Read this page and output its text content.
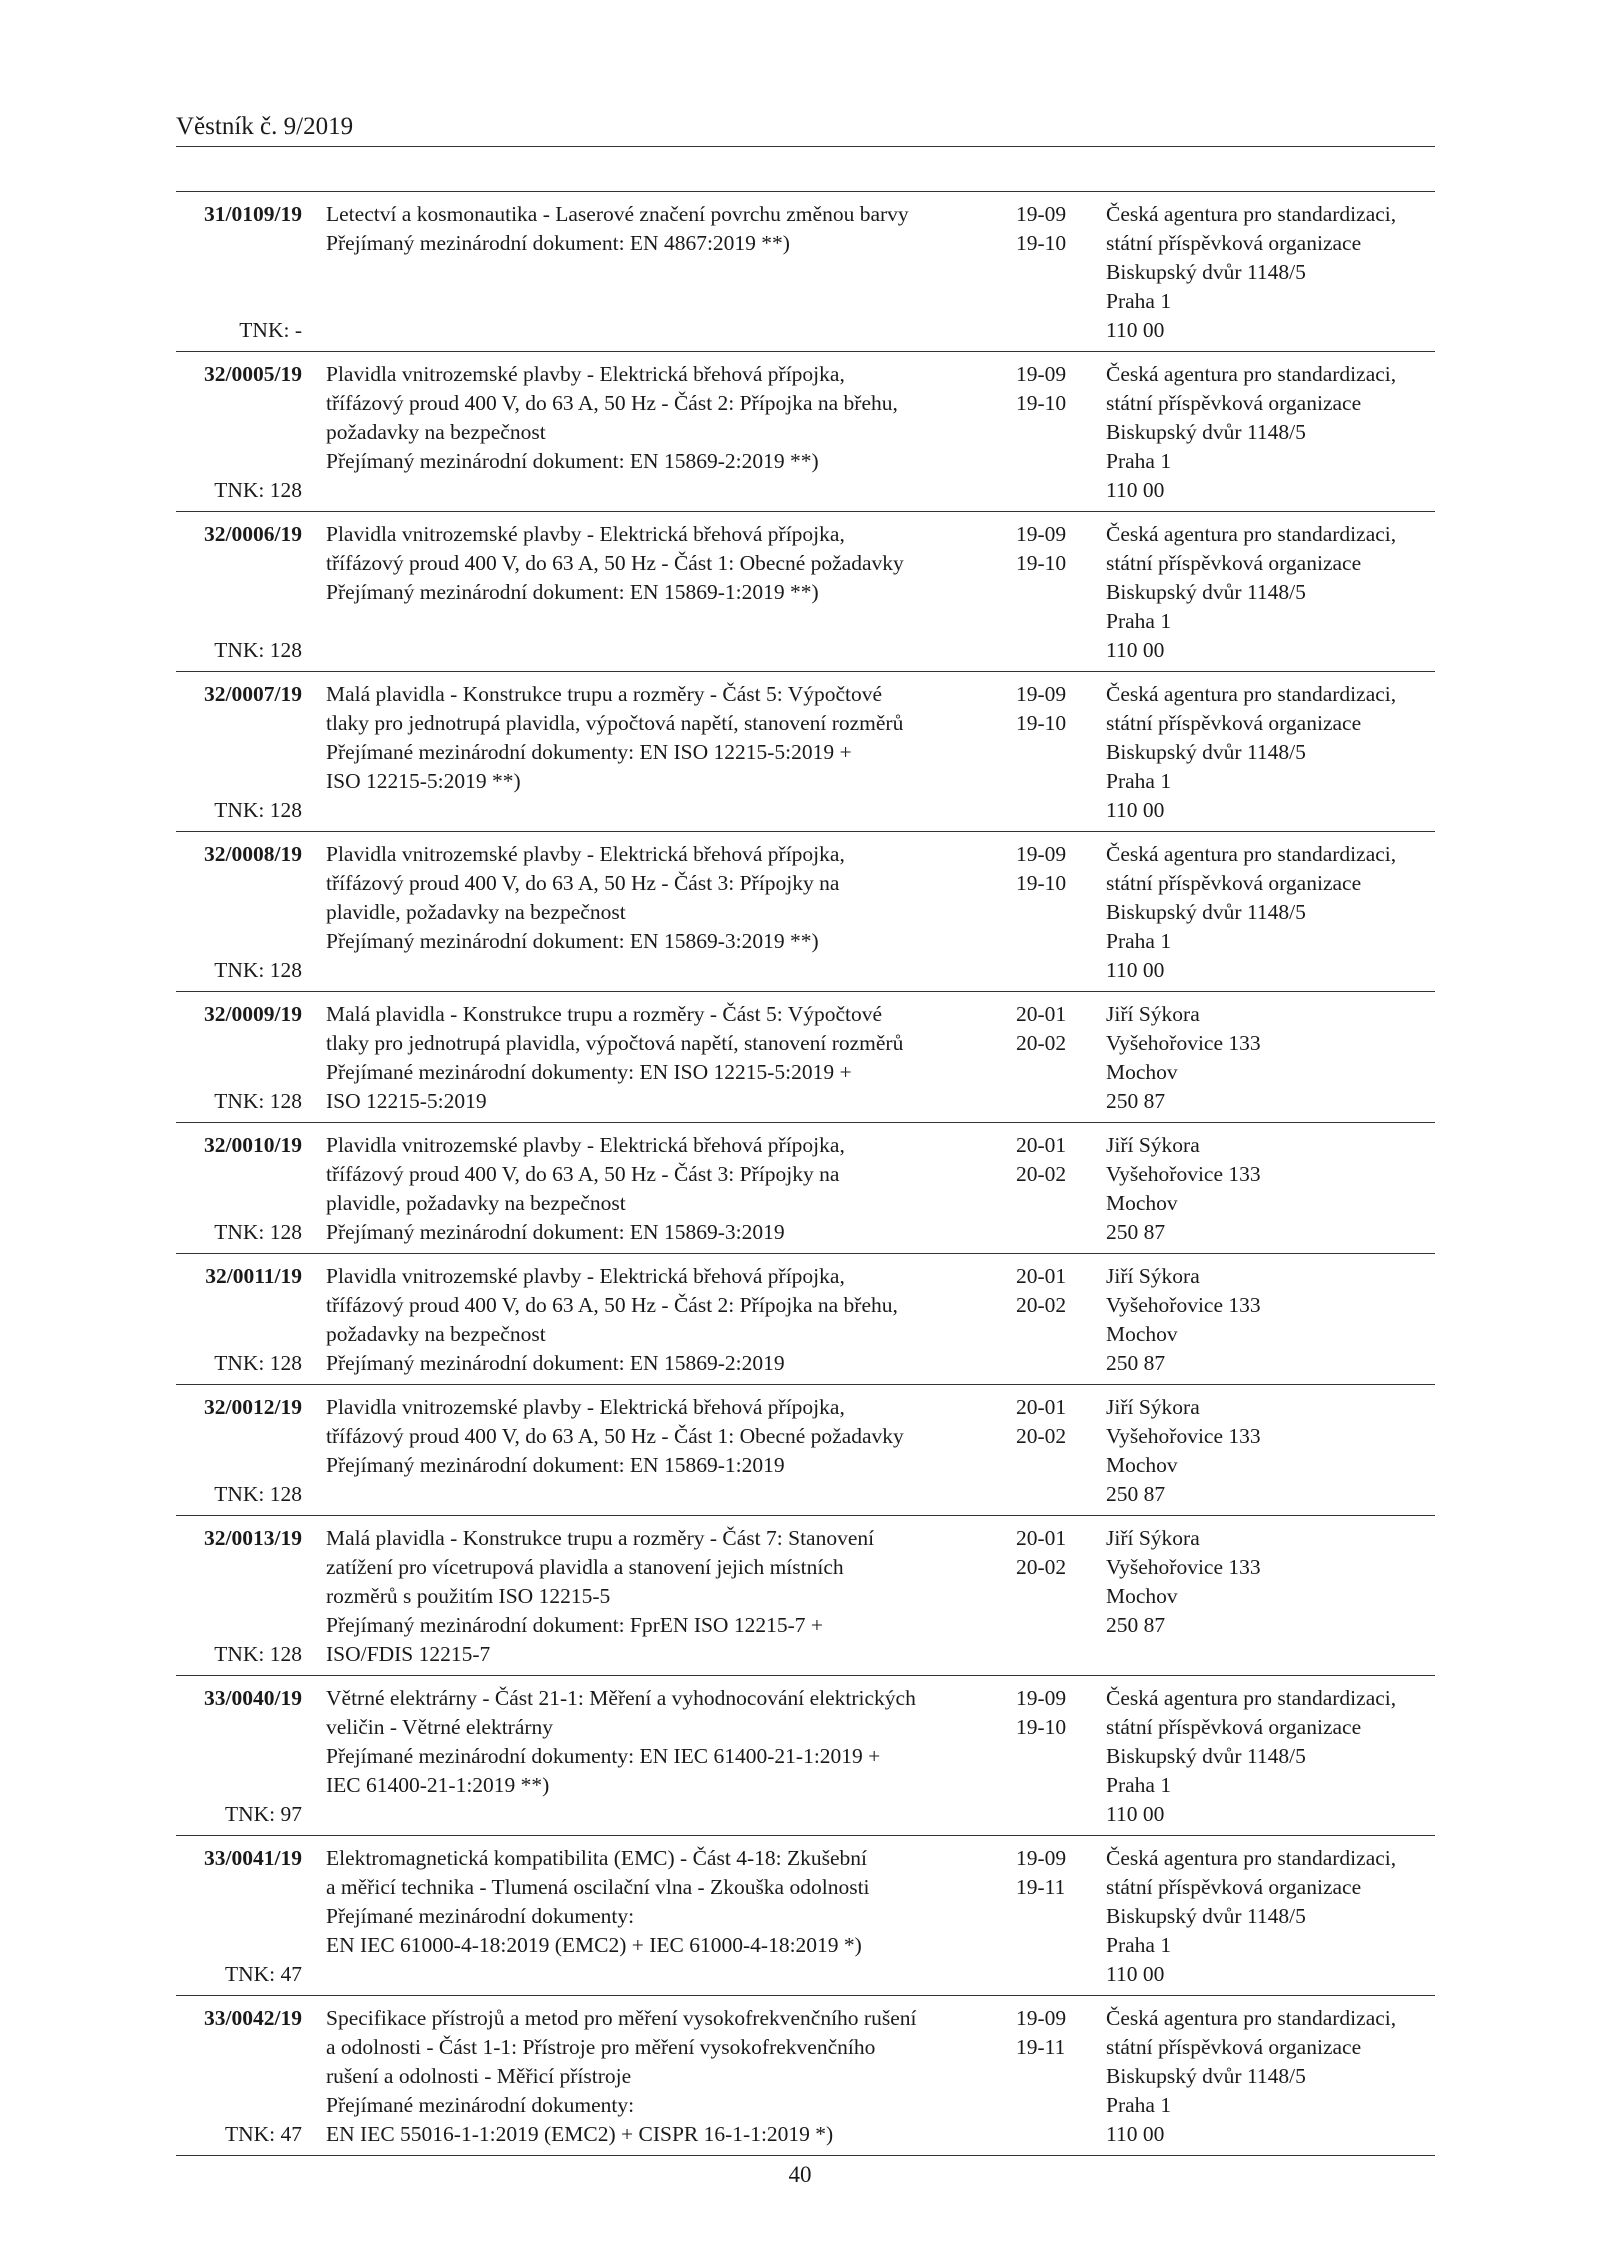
Věstník č. 9/2019
31/0109/19
TNK: -
Letectví a kosmonautika - Laserové značení povrchu změnou barvy
Přejímaný mezinárodní dokument: EN 4867:2019 **)
19-09
19-10
Česká agentura pro standardizaci,
státní příspěvková organizace
Biskupský dvůr 1148/5
Praha 1
110 00
32/0005/19
TNK: 128
Plavidla vnitrozemské plavby - Elektrická břehová přípojka,
třífázový proud 400 V, do 63 A, 50 Hz - Část 2: Přípojka na břehu,
požadavky na bezpečnost
Přejímaný mezinárodní dokument: EN 15869-2:2019 **)
19-09
19-10
Česká agentura pro standardizaci,
státní příspěvková organizace
Biskupský dvůr 1148/5
Praha 1
110 00
32/0006/19
TNK: 128
Plavidla vnitrozemské plavby - Elektrická břehová přípojka,
třífázový proud 400 V, do 63 A, 50 Hz - Část 1: Obecné požadavky
Přejímaný mezinárodní dokument: EN 15869-1:2019 **)
19-09
19-10
Česká agentura pro standardizaci,
státní příspěvková organizace
Biskupský dvůr 1148/5
Praha 1
110 00
32/0007/19
TNK: 128
Malá plavidla - Konstrukce trupu a rozměry - Část 5: Výpočtové
tlaky pro jednotrupá plavidla, výpočtová napětí, stanovení rozměrů
Přejímané mezinárodní dokumenty: EN ISO 12215-5:2019 +
ISO 12215-5:2019 **)
19-09
19-10
Česká agentura pro standardizaci,
státní příspěvková organizace
Biskupský dvůr 1148/5
Praha 1
110 00
32/0008/19
TNK: 128
Plavidla vnitrozemské plavby - Elektrická břehová přípojka,
třífázový proud 400 V, do 63 A, 50 Hz - Část 3: Přípojky na
plavidle, požadavky na bezpečnost
Přejímaný mezinárodní dokument: EN 15869-3:2019 **)
19-09
19-10
Česká agentura pro standardizaci,
státní příspěvková organizace
Biskupský dvůr 1148/5
Praha 1
110 00
32/0009/19
TNK: 128
Malá plavidla - Konstrukce trupu a rozměry - Část 5: Výpočtové
tlaky pro jednotrupá plavidla, výpočtová napětí, stanovení rozměrů
Přejímané mezinárodní dokumenty: EN ISO 12215-5:2019 +
ISO 12215-5:2019
20-01
20-02
Jiří Sýkora
Vyšehořovice 133
Mochov
250 87
32/0010/19
TNK: 128
Plavidla vnitrozemské plavby - Elektrická břehová přípojka,
třífázový proud 400 V, do 63 A, 50 Hz - Část 3: Přípojky na
plavidle, požadavky na bezpečnost
Přejímaný mezinárodní dokument: EN 15869-3:2019
20-01
20-02
Jiří Sýkora
Vyšehořovice 133
Mochov
250 87
32/0011/19
TNK: 128
Plavidla vnitrozemské plavby - Elektrická břehová přípojka,
třífázový proud 400 V, do 63 A, 50 Hz - Část 2: Přípojka na břehu,
požadavky na bezpečnost
Přejímaný mezinárodní dokument: EN 15869-2:2019
20-01
20-02
Jiří Sýkora
Vyšehořovice 133
Mochov
250 87
32/0012/19
TNK: 128
Plavidla vnitrozemské plavby - Elektrická břehová přípojka,
třífázový proud 400 V, do 63 A, 50 Hz - Část 1: Obecné požadavky
Přejímaný mezinárodní dokument: EN 15869-1:2019
20-01
20-02
Jiří Sýkora
Vyšehořovice 133
Mochov
250 87
32/0013/19
TNK: 128
Malá plavidla - Konstrukce trupu a rozměry - Část 7: Stanovení
zatížení pro vícetrupová plavidla a stanovení jejich místních
rozměrů s použitím ISO 12215-5
Přejímaný mezinárodní dokument: FprEN ISO 12215-7 +
ISO/FDIS 12215-7
20-01
20-02
Jiří Sýkora
Vyšehořovice 133
Mochov
250 87
33/0040/19
TNK: 97
Větrné elektrárny - Část 21-1: Měření a vyhodnocování elektrických
veličin - Větrné elektrárny
Přejímané mezinárodní dokumenty: EN IEC 61400-21-1:2019 +
IEC 61400-21-1:2019 **)
19-09
19-10
Česká agentura pro standardizaci,
státní příspěvková organizace
Biskupský dvůr 1148/5
Praha 1
110 00
33/0041/19
TNK: 47
Elektromagnetická kompatibilita (EMC) - Část 4-18: Zkušební
a měřicí technika - Tlumená oscilační vlna - Zkouška odolnosti
Přejímané mezinárodní dokumenty:
EN IEC 61000-4-18:2019 (EMC2) + IEC 61000-4-18:2019 *)
19-09
19-11
Česká agentura pro standardizaci,
státní příspěvková organizace
Biskupský dvůr 1148/5
Praha 1
110 00
33/0042/19
TNK: 47
Specifikace přístrojů a metod pro měření vysokofrekvenčního rušení
a odolnosti - Část 1-1: Přístroje pro měření vysokofrekvenčního
rušení a odolnosti - Měřicí přístroje
Přejímané mezinárodní dokumenty:
EN IEC 55016-1-1:2019 (EMC2) + CISPR 16-1-1:2019 *)
19-09
19-11
Česká agentura pro standardizaci,
státní příspěvková organizace
Biskupský dvůr 1148/5
Praha 1
110 00
40
